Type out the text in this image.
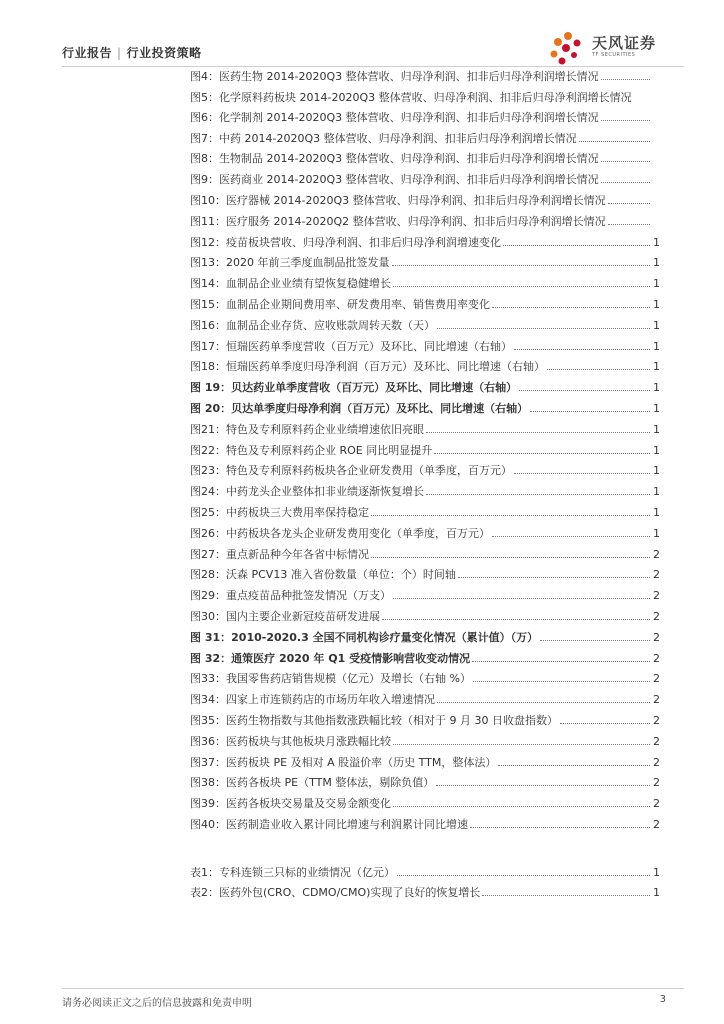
行业报告 | 行业投资策略
天风证券
TF SECURITIES
图4：医药生物 2014-2020Q3 整体营收、归母净利润、扣非后归母净利润增长情况
图5：化学原料药板块 2014-2020Q3 整体营收、归母净利润、扣非后归母净利润增长情况
图6：化学制剂 2014-2020Q3 整体营收、归母净利润、扣非后归母净利润增长情况
图7：中药 2014-2020Q3 整体营收、归母净利润、扣非后归母净利润增长情况
图8：生物制品 2014-2020Q3 整体营收、归母净利润、扣非后归母净利润增长情况
图9：医药商业 2014-2020Q3 整体营收、归母净利润、扣非后归母净利润增长情况
图10：医疗器械 2014-2020Q3 整体营收、归母净利润、扣非后归母净利润增长情况
图11：医疗服务 2014-2020Q2 整体营收、归母净利润、扣非后归母净利润增长情况
图12：疫苗板块营收、归母净利润、扣非后归母净利润增速变化	1
图13：2020 年前三季度血制品批签发量	1
图14：血制品企业业绩有望恢复稳健增长	1
图15：血制品企业期间费用率、研发费用率、销售费用率变化	1
图16：血制品企业存货、应收账款周转天数（天）	1
图17：恒瑞医药单季度营收（百万元）及环比、同比增速（右轴）	1
图18：恒瑞医药单季度归母净利润（百万元）及环比、同比增速（右轴）	1
图 19：贝达药业单季度营收（百万元）及环比、同比增速（右轴）	1
图 20：贝达单季度归母净利润（百万元）及环比、同比增速（右轴）	1
图21：特色及专利原料药企业业绩增速依旧亮眼	1
图22：特色及专利原料药企业 ROE 同比明显提升	1
图23：特色及专利原料药板块各企业研发费用（单季度，百万元）	1
图24：中药龙头企业整体扣非业绩逐渐恢复增长	1
图25：中药板块三大费用率保持稳定	1
图26：中药板块各龙头企业研发费用变化（单季度，百万元）	1
图27：重点新品种今年各省中标情况	2
图28：沃森 PCV13 准入省份数量（单位：个）时间轴	2
图29：重点疫苗品种批签发情况（万支）	2
图30：国内主要企业新冠疫苗研发进展	2
图 31：2010-2020.3 全国不同机构诊疗量变化情况（累计值）（万）	2
图 32：通策医疗 2020 年 Q1 受疫情影响营收变动情况	2
图33：我国零售药店销售规模（亿元）及增长（右轴 %）	2
图34：四家上市连锁药店的市场历年收入增速情况	2
图35：医药生物指数与其他指数涨跌幅比较（相对于 9 月 30 日收盘指数）	2
图36：医药板块与其他板块月涨跌幅比较	2
图37：医药板块 PE 及相对 A 股溢价率（历史 TTM，整体法）	2
图38：医药各板块 PE（TTM 整体法，剔除负值）	2
图39：医药各板块交易量及交易金额变化	2
图40：医药制造业收入累计同比增速与利润累计同比增速	2
表1：专科连锁三只标的业绩情况（亿元）	1
表2：医药外包(CRO、CDMO/CMO)实现了良好的恢复增长	1
请务必阅读正文之后的信息披露和免责申明	3
